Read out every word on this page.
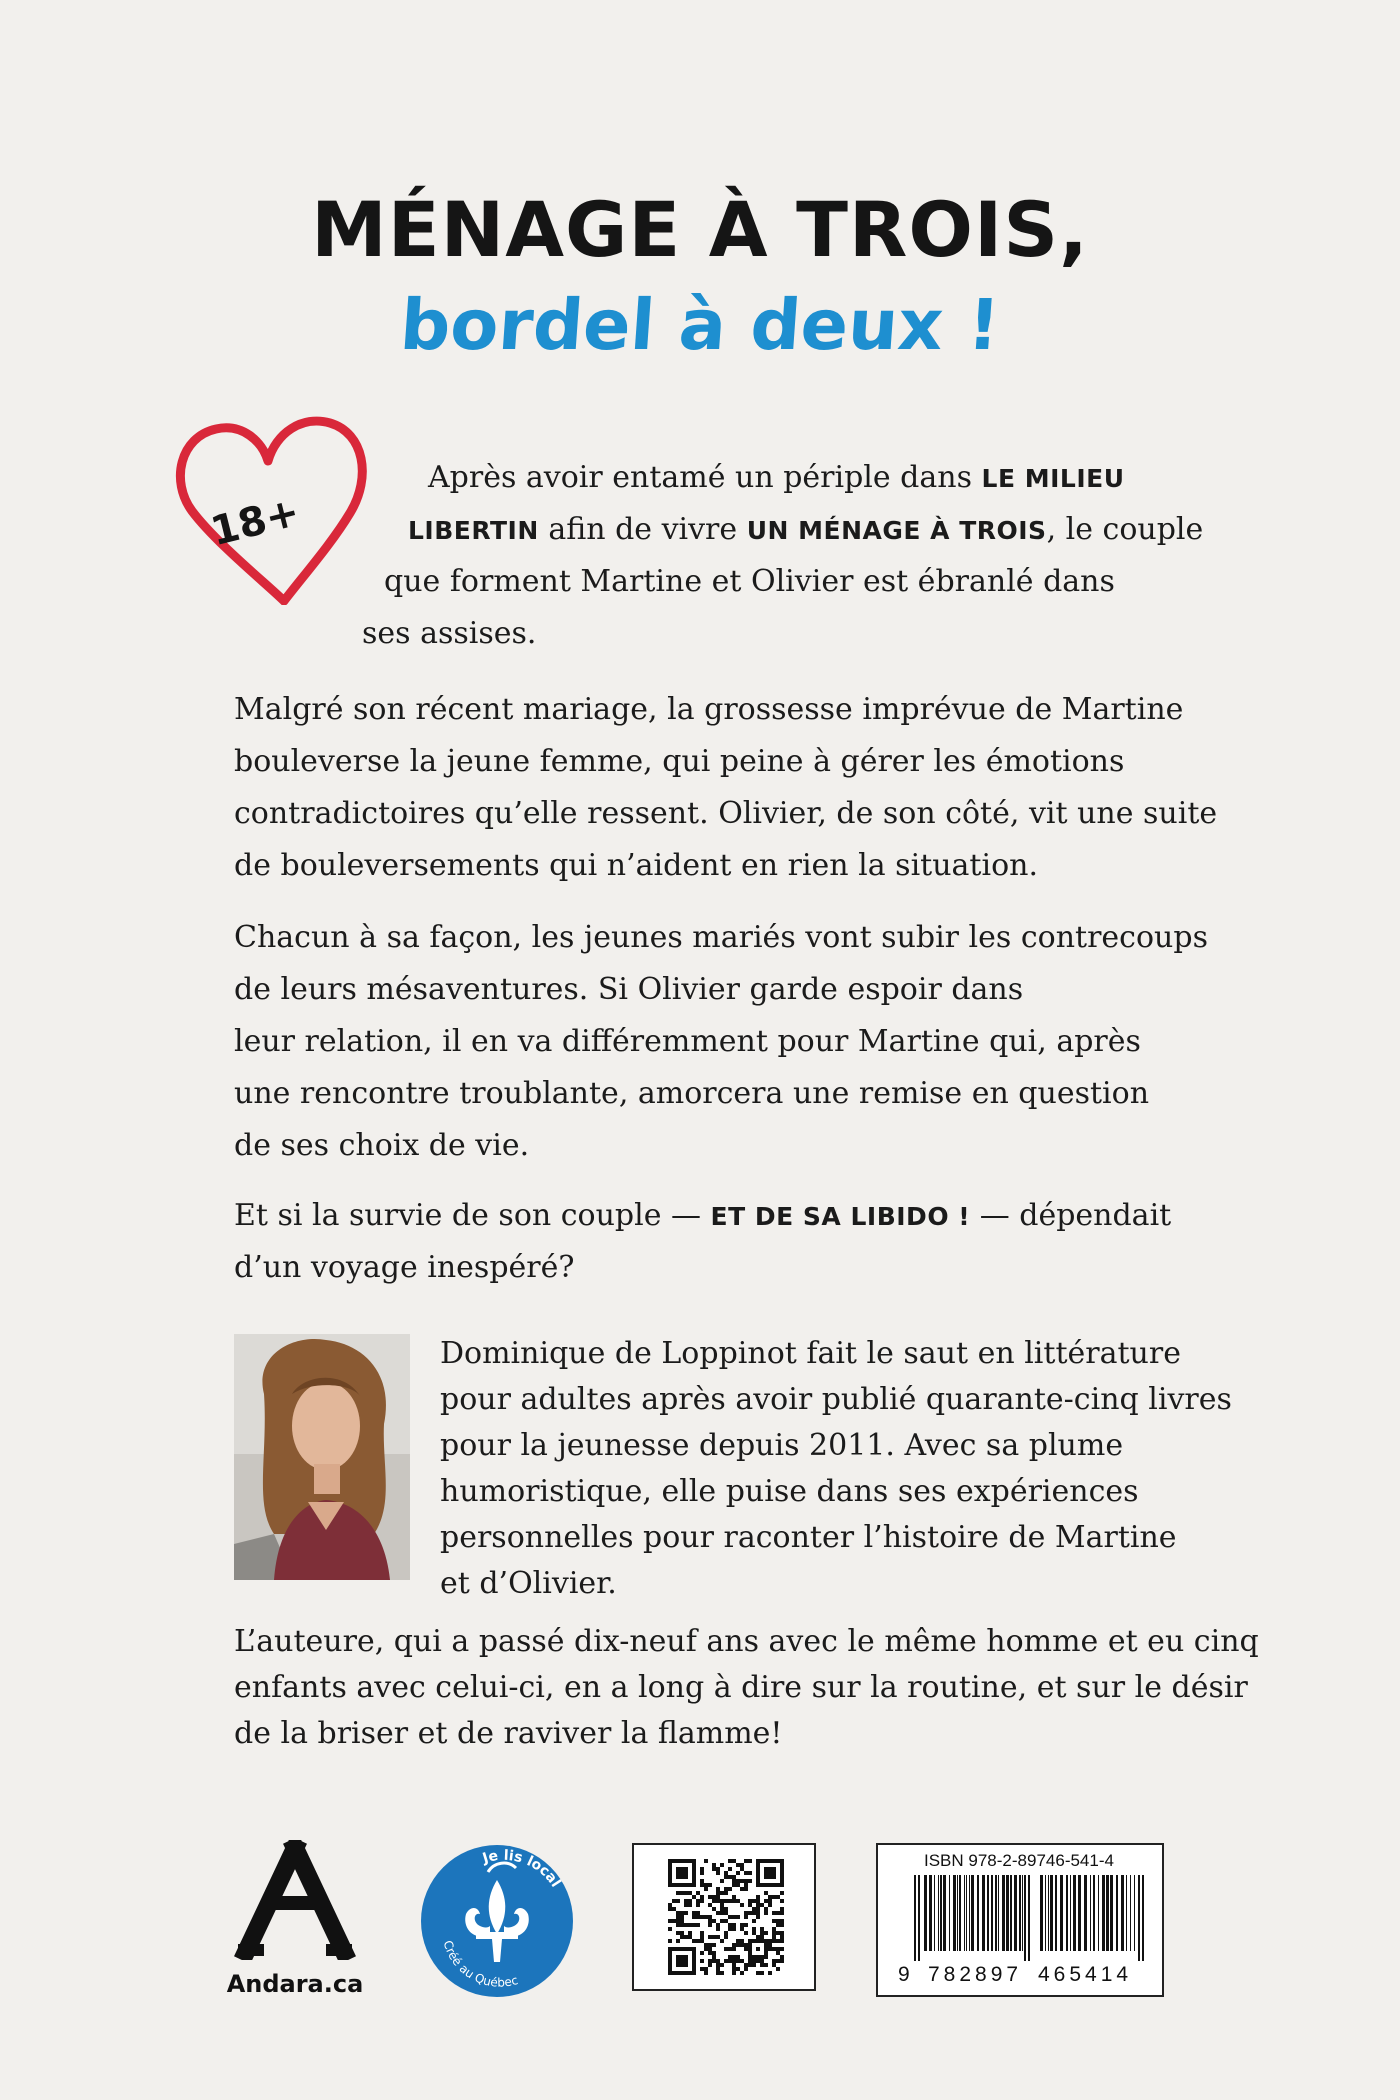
MÉNAGE À TROIS,
bordel à deux !
18+
Après avoir entamé un périple dans LE MILIEU
LIBERTIN afin de vivre UN MÉNAGE À TROIS, le couple
que forment Martine et Olivier est ébranlé dans
ses assises.
Malgré son récent mariage, la grossesse imprévue de Martine
bouleverse la jeune femme, qui peine à gérer les émotions
contradictoires qu’elle ressent. Olivier, de son côté, vit une suite
de bouleversements qui n’aident en rien la situation.
Chacun à sa façon, les jeunes mariés vont subir les contrecoups
de leurs mésaventures. Si Olivier garde espoir dans
leur relation, il en va différemment pour Martine qui, après
une rencontre troublante, amorcera une remise en question
de ses choix de vie.
Et si la survie de son couple — ET DE SA LIBIDO ! — dépendait
d’un voyage inespéré?
Dominique de Loppinot fait le saut en littérature
pour adultes après avoir publié quarante-cinq livres
pour la jeunesse depuis 2011. Avec sa plume
humoristique, elle puise dans ses expériences
personnelles pour raconter l’histoire de Martine
et d’Olivier.
L’auteure, qui a passé dix-neuf ans avec le même homme et eu cinq
enfants avec celui-ci, en a long à dire sur la routine, et sur le désir
de la briser et de raviver la flamme!
Andara.ca
Je lis local
Créé au Québec
ISBN 978-2-89746-541-4
9 782897 465414
